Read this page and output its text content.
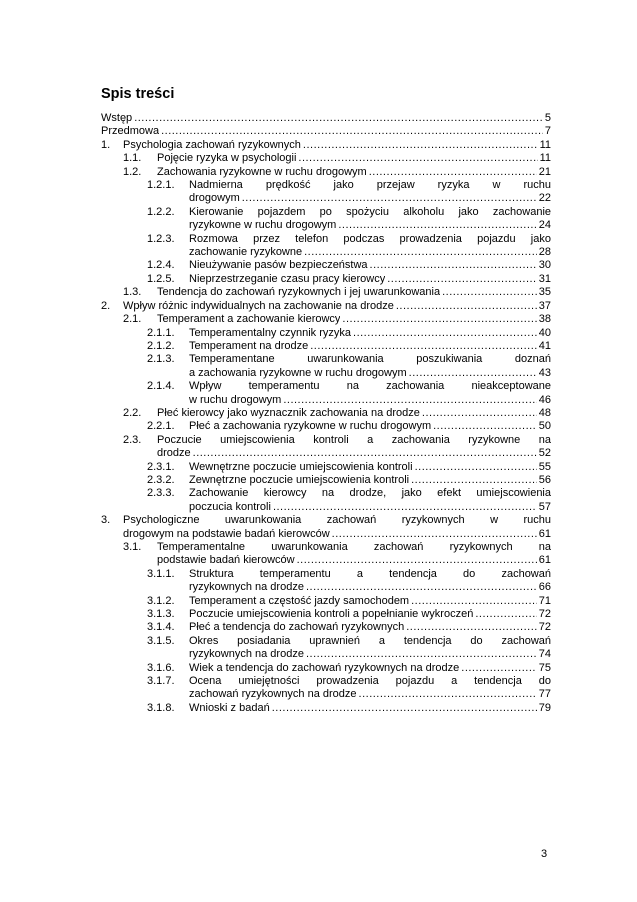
Spis treści
Wstęp .....	5
Przedmowa .....	7
1.	Psychologia zachowań ryzykownych .....	11
1.1.	Pojęcie ryzyka w psychologii .....	11
1.2.	Zachowania ryzykowne w ruchu drogowym .....	21
1.2.1.	Nadmierna prędkość jako przejaw ryzyka w ruchu
drogowym .....	22
1.2.2.	Kierowanie pojazdem po spożyciu alkoholu jako zachowanie
ryzykowne w ruchu drogowym .....	24
1.2.3.	Rozmowa przez telefon podczas prowadzenia pojazdu jako
zachowanie ryzykowne .....	28
1.2.4.	Nieużywanie pasów bezpieczeństwa .....	30
1.2.5.	Nieprzestrzeganie czasu pracy kierowcy .....	31
1.3.	Tendencja do zachowań ryzykownych i jej uwarunkowania .....	35
2.	Wpływ różnic indywidualnych na zachowanie na drodze .....	37
2.1.	Temperament a zachowanie kierowcy .....	38
2.1.1.	Temperamentalny czynnik ryzyka .....	40
2.1.2.	Temperament na drodze .....	41
2.1.3.	Temperamentane uwarunkowania poszukiwania doznań
a zachowania ryzykowne w ruchu drogowym .....	43
2.1.4.	Wpływ temperamentu na zachowania nieakceptowane
w ruchu drogowym .....	46
2.2.	Płeć kierowcy jako wyznacznik zachowania na drodze .....	48
2.2.1.	Płeć a zachowania ryzykowne w ruchu drogowym .....	50
2.3.	Poczucie umiejscowienia kontroli a zachowania ryzykowne na
drodze .....	52
2.3.1.	Wewnętrzne poczucie umiejscowienia kontroli .....	55
2.3.2.	Zewnętrzne poczucie umiejscowienia kontroli .....	56
2.3.3.	Zachowanie kierowcy na drodze, jako efekt umiejscowienia
poczucia kontroli .....	57
3.	Psychologiczne uwarunkowania zachowań ryzykownych w ruchu
drogowym na podstawie badań kierowców .....	61
3.1.	Temperamentalne uwarunkowania zachowań ryzykownych na
podstawie badań kierowców .....	61
3.1.1.	Struktura temperamentu a tendencja do zachowań
ryzykownych na drodze .....	66
3.1.2.	Temperament a częstość jazdy samochodem .....	71
3.1.3.	Poczucie umiejscowienia kontroli a popełnianie wykroczeń .....	72
3.1.4.	Płeć a tendencja do zachowań ryzykownych .....	72
3.1.5.	Okres posiadania uprawnień a tendencja do zachowań
ryzykownych na drodze .....	74
3.1.6.	Wiek a tendencja do zachowań ryzykownych na drodze .....	75
3.1.7.	Ocena umiejętności prowadzenia pojazdu a tendencja do
zachowań ryzykownych na drodze .....	77
3.1.8.	Wnioski z badań .....	79
3
